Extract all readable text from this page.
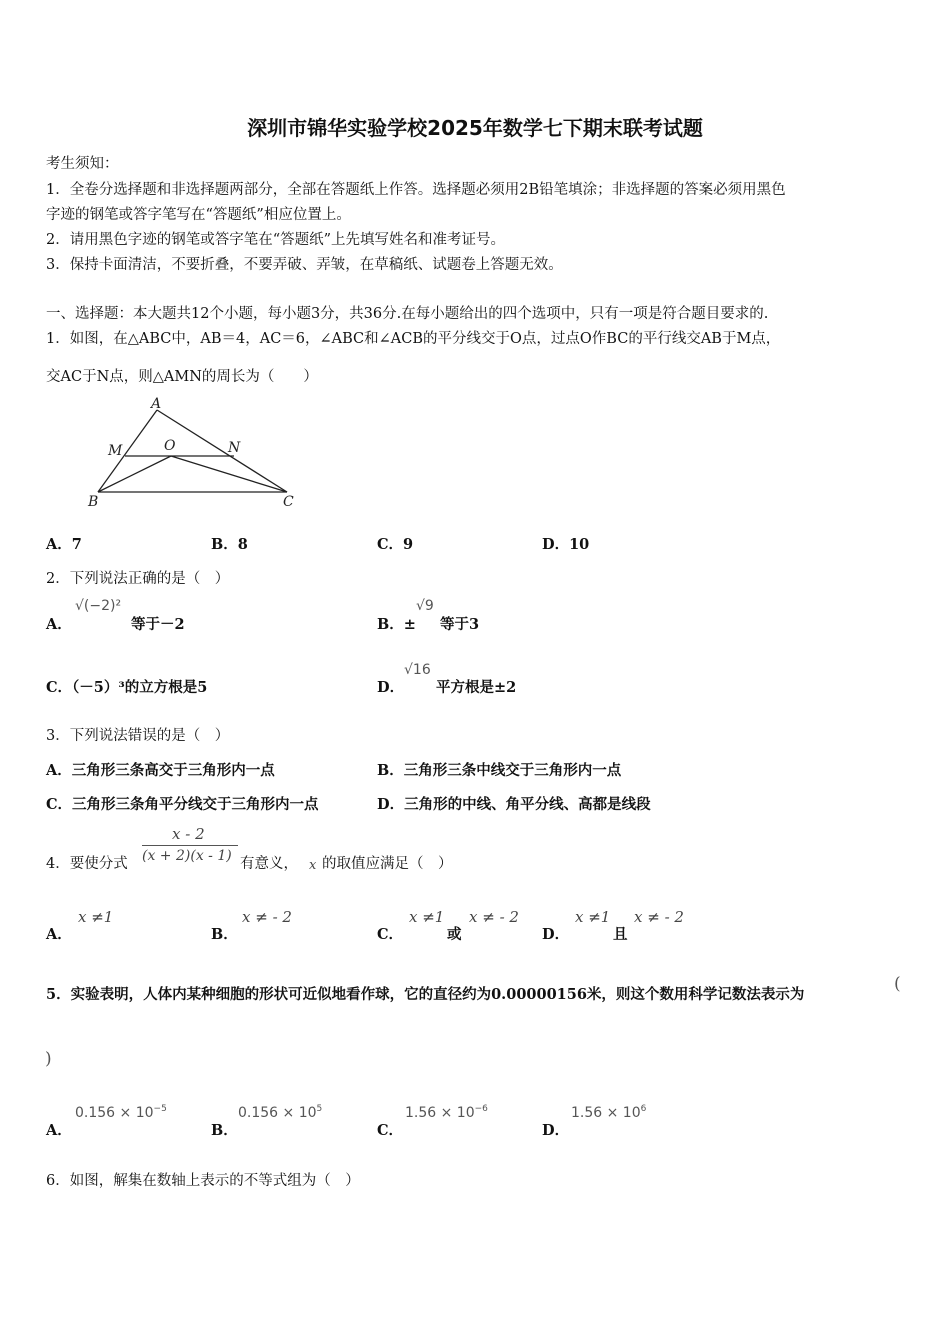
深圳市锦华实验学校2025年数学七下期末联考试题
考生须知：
1．全卷分选择题和非选择题两部分，全部在答题纸上作答。选择题必须用2B铅笔填涂；非选择题的答案必须用黑色
字迹的钢笔或答字笔写在“答题纸”相应位置上。
2．请用黑色字迹的钢笔或答字笔在“答题纸”上先填写姓名和准考证号。
3．保持卡面清洁，不要折叠，不要弄破、弄皱，在草稿纸、试题卷上答题无效。
一、选择题：本大题共12个小题，每小题3分，共36分.在每小题给出的四个选项中，只有一项是符合题目要求的.
1．如图，在△ABC中，AB＝4，AC＝6，∠ABC和∠ACB的平分线交于O点，过点O作BC的平行线交AB于M点，
交AC于N点，则△AMN的周长为（　　）
A
M	O	N
B	C
A．7	B．8	C．9	D．10
2．下列说法正确的是（　）
A．
√(−2)²
等于－2	B．±
√9
等于3
C．（－5）³的立方根是5	D．
√16
平方根是±2
3．下列说法错误的是（　）
A．三角形三条高交于三角形内一点	B．三角形三条中线交于三角形内一点
C．三角形三条角平分线交于三角形内一点	D．三角形的中线、角平分线、高都是线段
4．要使分式
x - 2
(x + 2)(x - 1) 有意义， x 的取值应满足（　）
A．
x ≠1
B．
x ≠ - 2
C．
x ≠1
或
x ≠ - 2
D．
x ≠1
且
x ≠ - 2
5．实验表明，人体内某种细胞的形状可近似地看作球，它的直径约为0.00000156米，则这个数用科学记数法表示为
(
)
A．
$0.156 \times 10^{-5}$
B．
$0.156 \times 10^5$
C．
$1.56 \times 10^{-6}$
D．
$1.56 \times 10^6$
6．如图，解集在数轴上表示的不等式组为（　）
